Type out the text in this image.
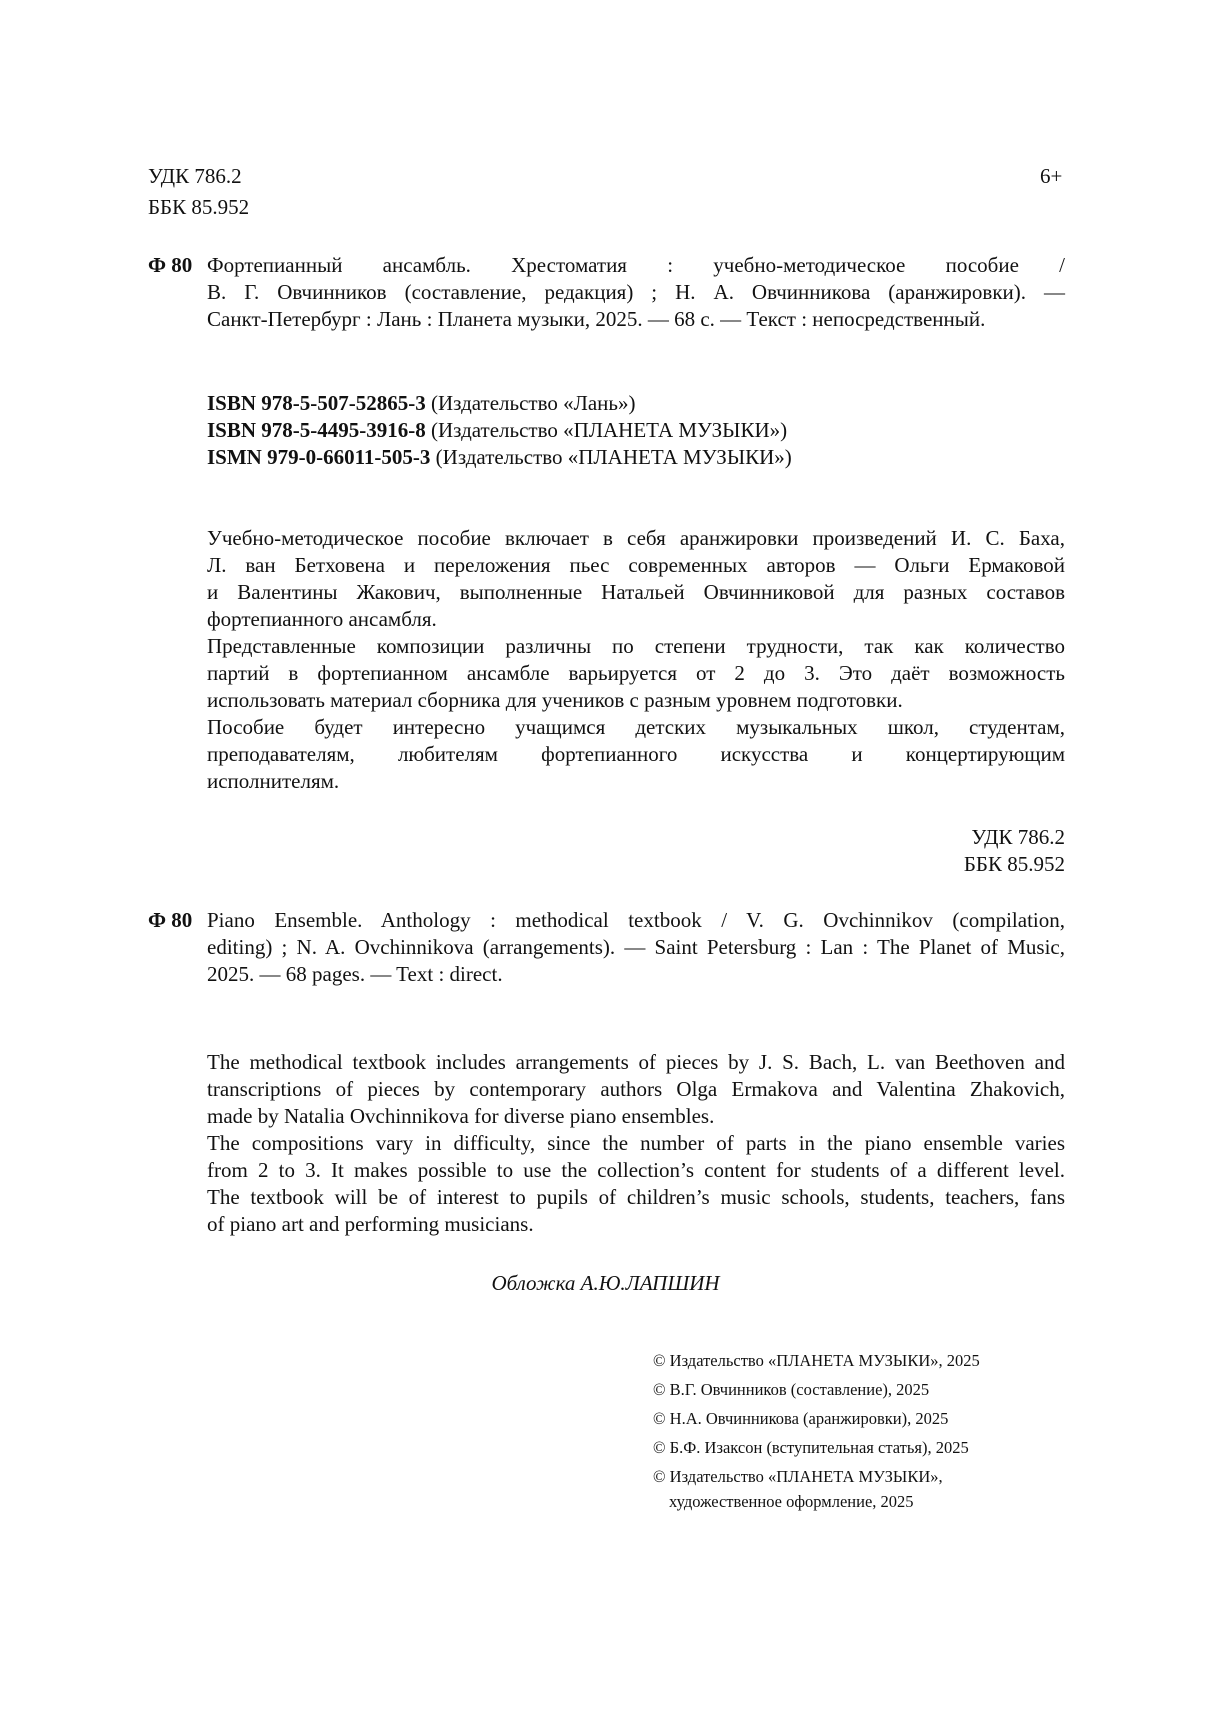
УДК 786.2
ББК 85.952
6+
Ф 80 Фортепианный ансамбль. Хрестоматия : учебно-методическое пособие /
В. Г. Овчинников (составление, редакция) ; Н. А. Овчинникова (аранжировки). —
Санкт-Петербург : Лань : Планета музыки, 2025. — 68 с. — Текст : непосредственный.
ISBN 978-5-507-52865-3 (Издательство «Лань»)
ISBN 978-5-4495-3916-8 (Издательство «ПЛАНЕТА МУЗЫКИ»)
ISMN 979-0-66011-505-3 (Издательство «ПЛАНЕТА МУЗЫКИ»)
Учебно-методическое пособие включает в себя аранжировки произведений И. С. Баха,
Л. ван Бетховена и переложения пьес современных авторов — Ольги Ермаковой
и Валентины Жакович, выполненные Натальей Овчинниковой для разных составов
фортепианного ансамбля.
Представленные композиции различны по степени трудности, так как количество
партий в фортепианном ансамбле варьируется от 2 до 3. Это даёт возможность
использовать материал сборника для учеников с разным уровнем подготовки.
Пособие будет интересно учащимся детских музыкальных школ, студентам,
преподавателям, любителям фортепианного искусства и концертирующим
исполнителям.
УДК 786.2
ББК 85.952
Ф 80 Piano Ensemble. Anthology : methodical textbook / V. G. Ovchinnikov (compilation,
editing) ; N. A. Ovchinnikova (arrangements). — Saint Petersburg : Lan : The Planet of Music,
2025. — 68 pages. — Text : direct.
The methodical textbook includes arrangements of pieces by J. S. Bach, L. van Beethoven and
transcriptions of pieces by contemporary authors Olga Ermakova and Valentina Zhakovich,
made by Natalia Ovchinnikova for diverse piano ensembles.
The compositions vary in difficulty, since the number of parts in the piano ensemble varies
from 2 to 3. It makes possible to use the collection’s content for students of a different level.
The textbook will be of interest to pupils of children’s music schools, students, teachers, fans
of piano art and performing musicians.
Обложка А.Ю.ЛАПШИН
© Издательство «ПЛАНЕТА МУЗЫКИ», 2025
© В.Г. Овчинников (составление), 2025
© Н.А. Овчинникова (аранжировки), 2025
© Б.Ф. Изаксон (вступительная статья), 2025
© Издательство «ПЛАНЕТА МУЗЫКИ»,
художественное оформление, 2025
